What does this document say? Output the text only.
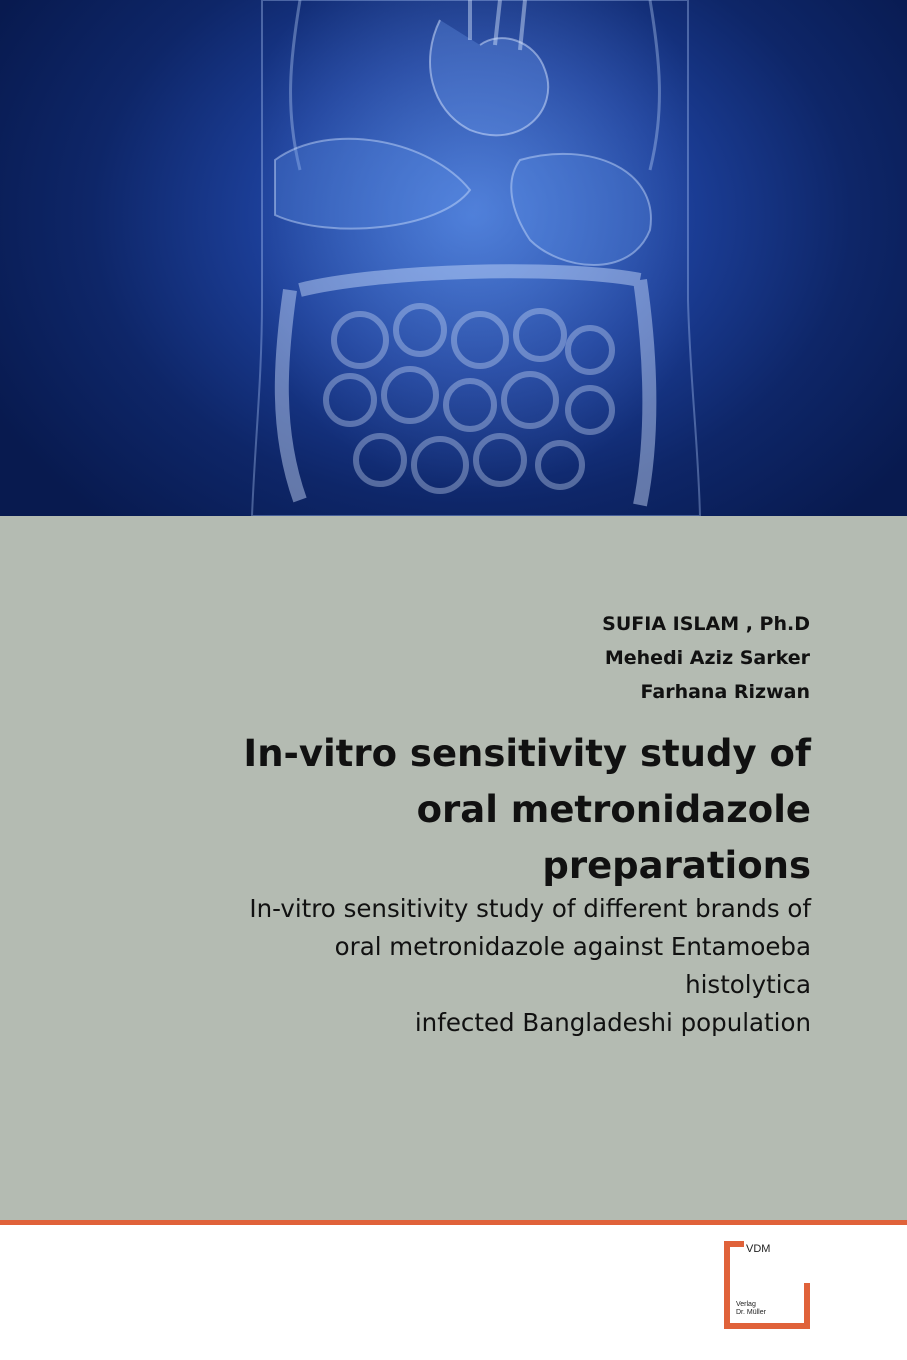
SUFIA ISLAM , Ph.D
Mehedi Aziz Sarker
Farhana Rizwan
In-vitro sensitivity study of
oral metronidazole
preparations
In-vitro sensitivity study of different brands of
oral metronidazole against Entamoeba
histolytica
infected Bangladeshi population
VDM
Verlag
Dr. Müller
